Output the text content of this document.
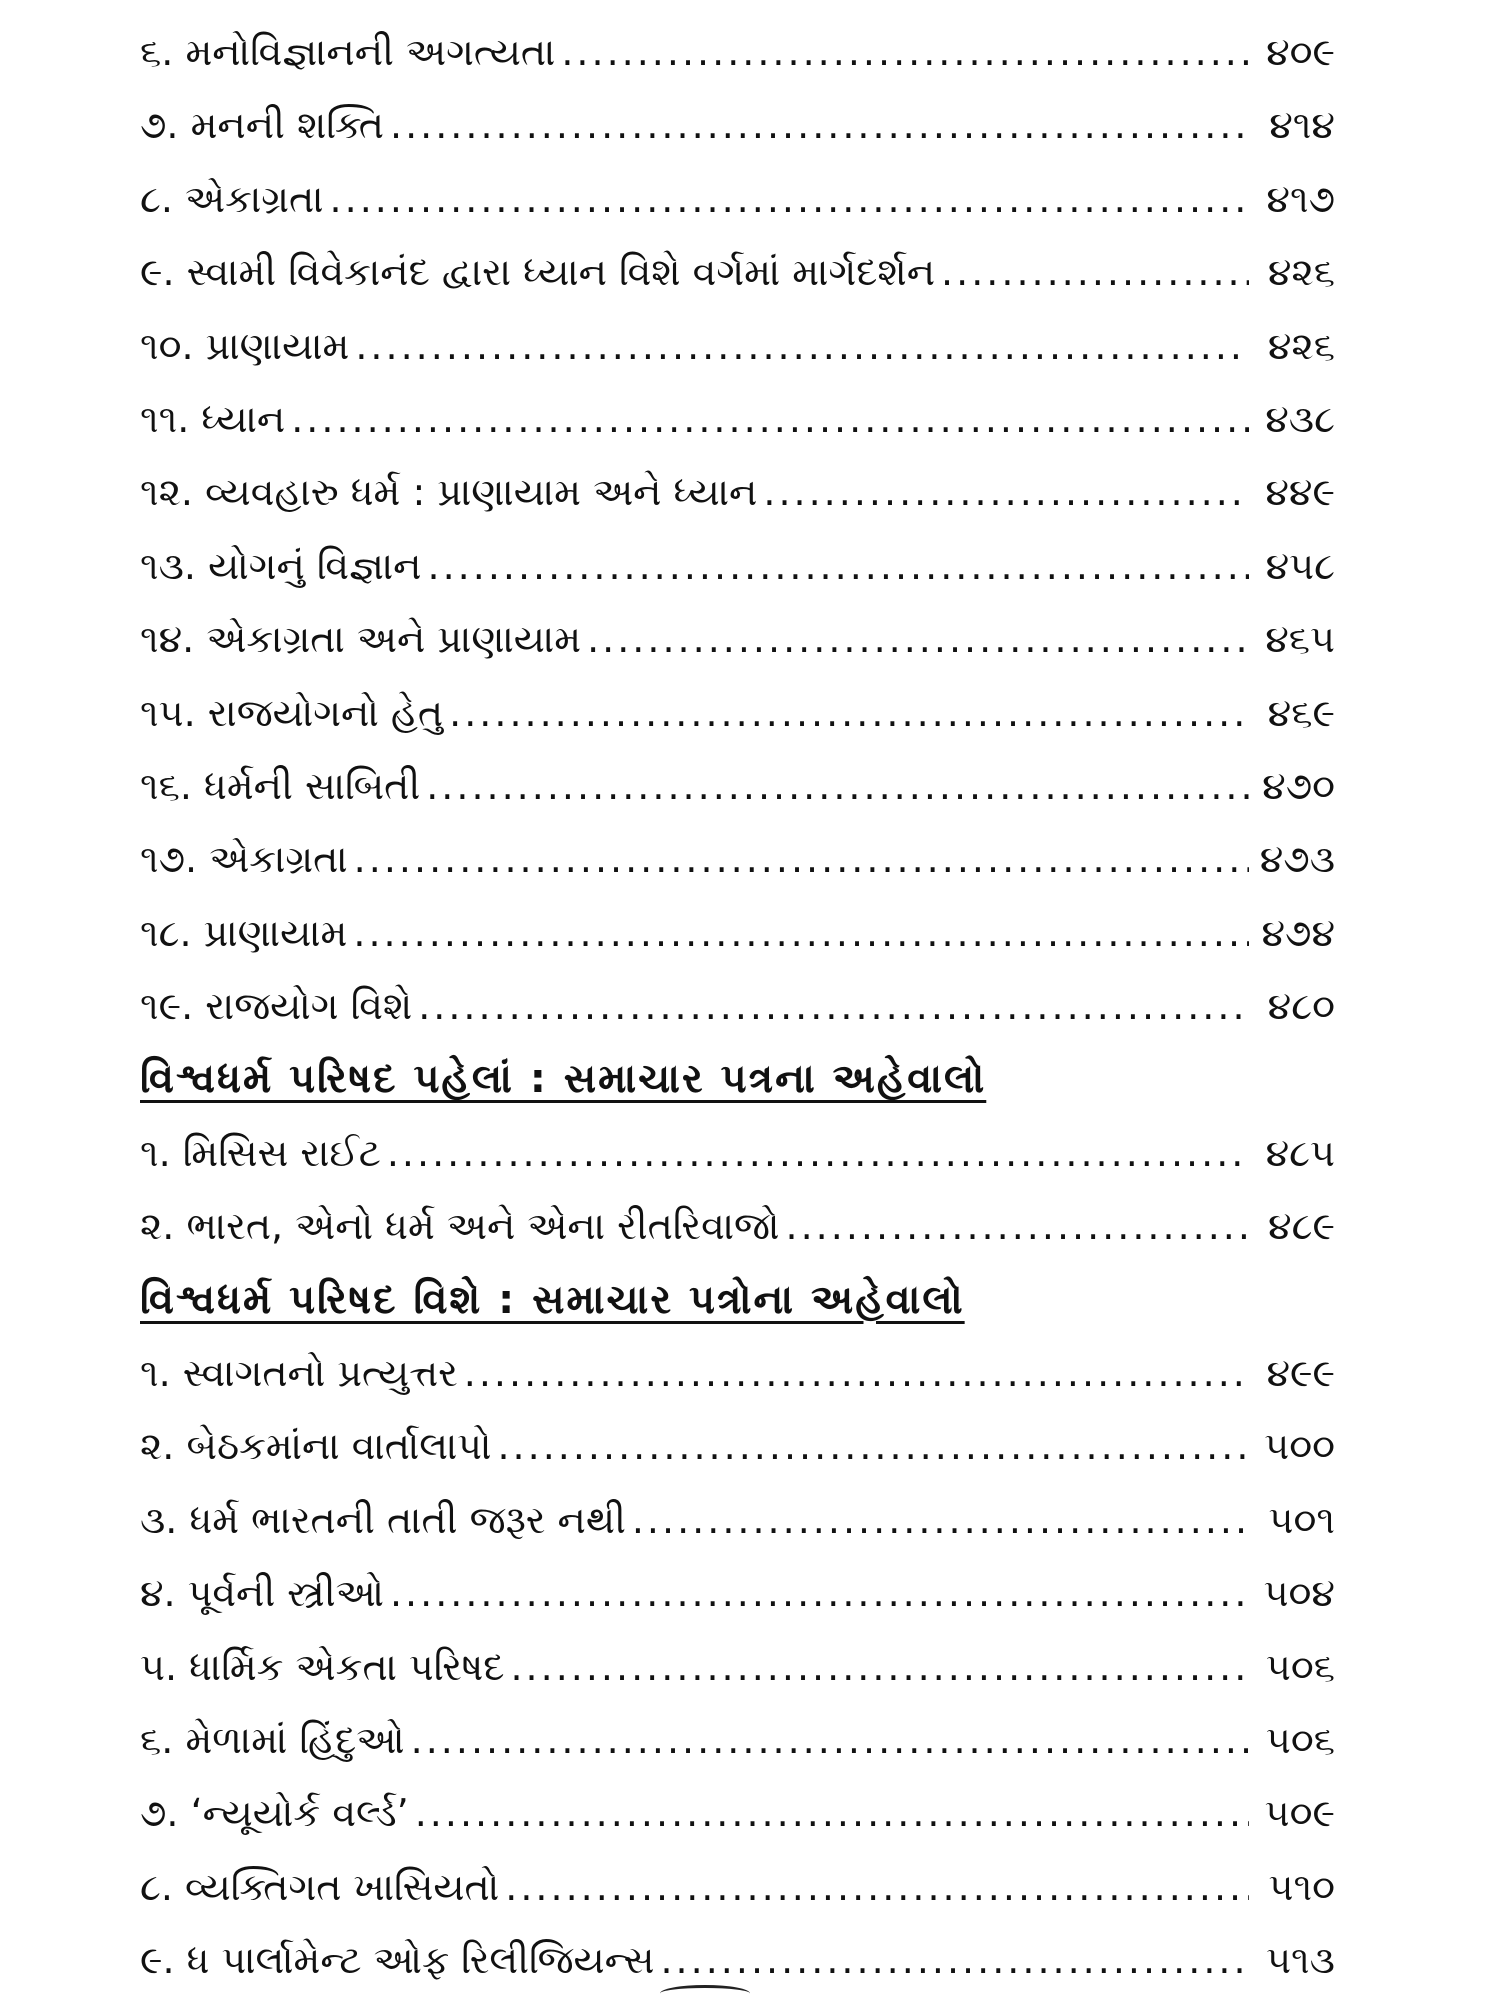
૬. મનોવિજ્ઞાનની અગત્યતા .....	૪૦૯
૭. મનની શક્તિ .....	૪૧૪
૮. એકાગ્રતા .....	૪૧૭
૯. સ્વામી વિવેકાનંદ દ્વારા ધ્યાન વિશે વર્ગમાં માર્ગદર્શન .....	૪૨૬
૧૦. પ્રાણાયામ .....	૪૨૬
૧૧. ધ્યાન .....	૪૩૮
૧૨. વ્યવહારુ ધર્મ : પ્રાણાયામ અને ધ્યાન .....	૪૪૯
૧૩. યોગનું વિજ્ઞાન .....	૪૫૮
૧૪. એકાગ્રતા અને પ્રાણાયામ .....	૪૬૫
૧૫. રાજયોગનો હેતુ .....	૪૬૯
૧૬. ધર્મની સાબિતી .....	૪૭૦
૧૭. એકાગ્રતા .....	૪૭૩
૧૮. પ્રાણાયામ .....	૪૭૪
૧૯. રાજયોગ વિશે .....	૪૮૦
વિશ્વધર્મ પરિષદ પહેલાં : સમાચાર પત્રના અહેવાલો
૧. મિસિસ રાઈટ .....	૪૮૫
૨. ભારત, એનો ધર્મ અને એના રીતરિવાજો .....	૪૮૯
વિશ્વધર્મ પરિષદ વિશે : સમાચાર પત્રોના અહેવાલો
૧. સ્વાગતનો પ્રત્યુત્તર .....	૪૯૯
૨. બેઠકમાંના વાર્તાલાપો .....	૫૦૦
૩. ધર્મ ભારતની તાતી જરૂર નથી .....	૫૦૧
૪. પૂર્વની સ્ત્રીઓ .....	૫૦૪
૫. ધાર્મિક એકતા પરિષદ .....	૫૦૬
૬. મેળામાં હિંદુઓ .....	૫૦૬
૭. ‘ન્યૂયોર્ક વર્લ્ડ’ .....	૫૦૯
૮. વ્યક્તિગત ખાસિયતો .....	૫૧૦
૯. ધ પાર્લામેન્ટ ઓફ રિલીજિયન્સ .....	૫૧૩
